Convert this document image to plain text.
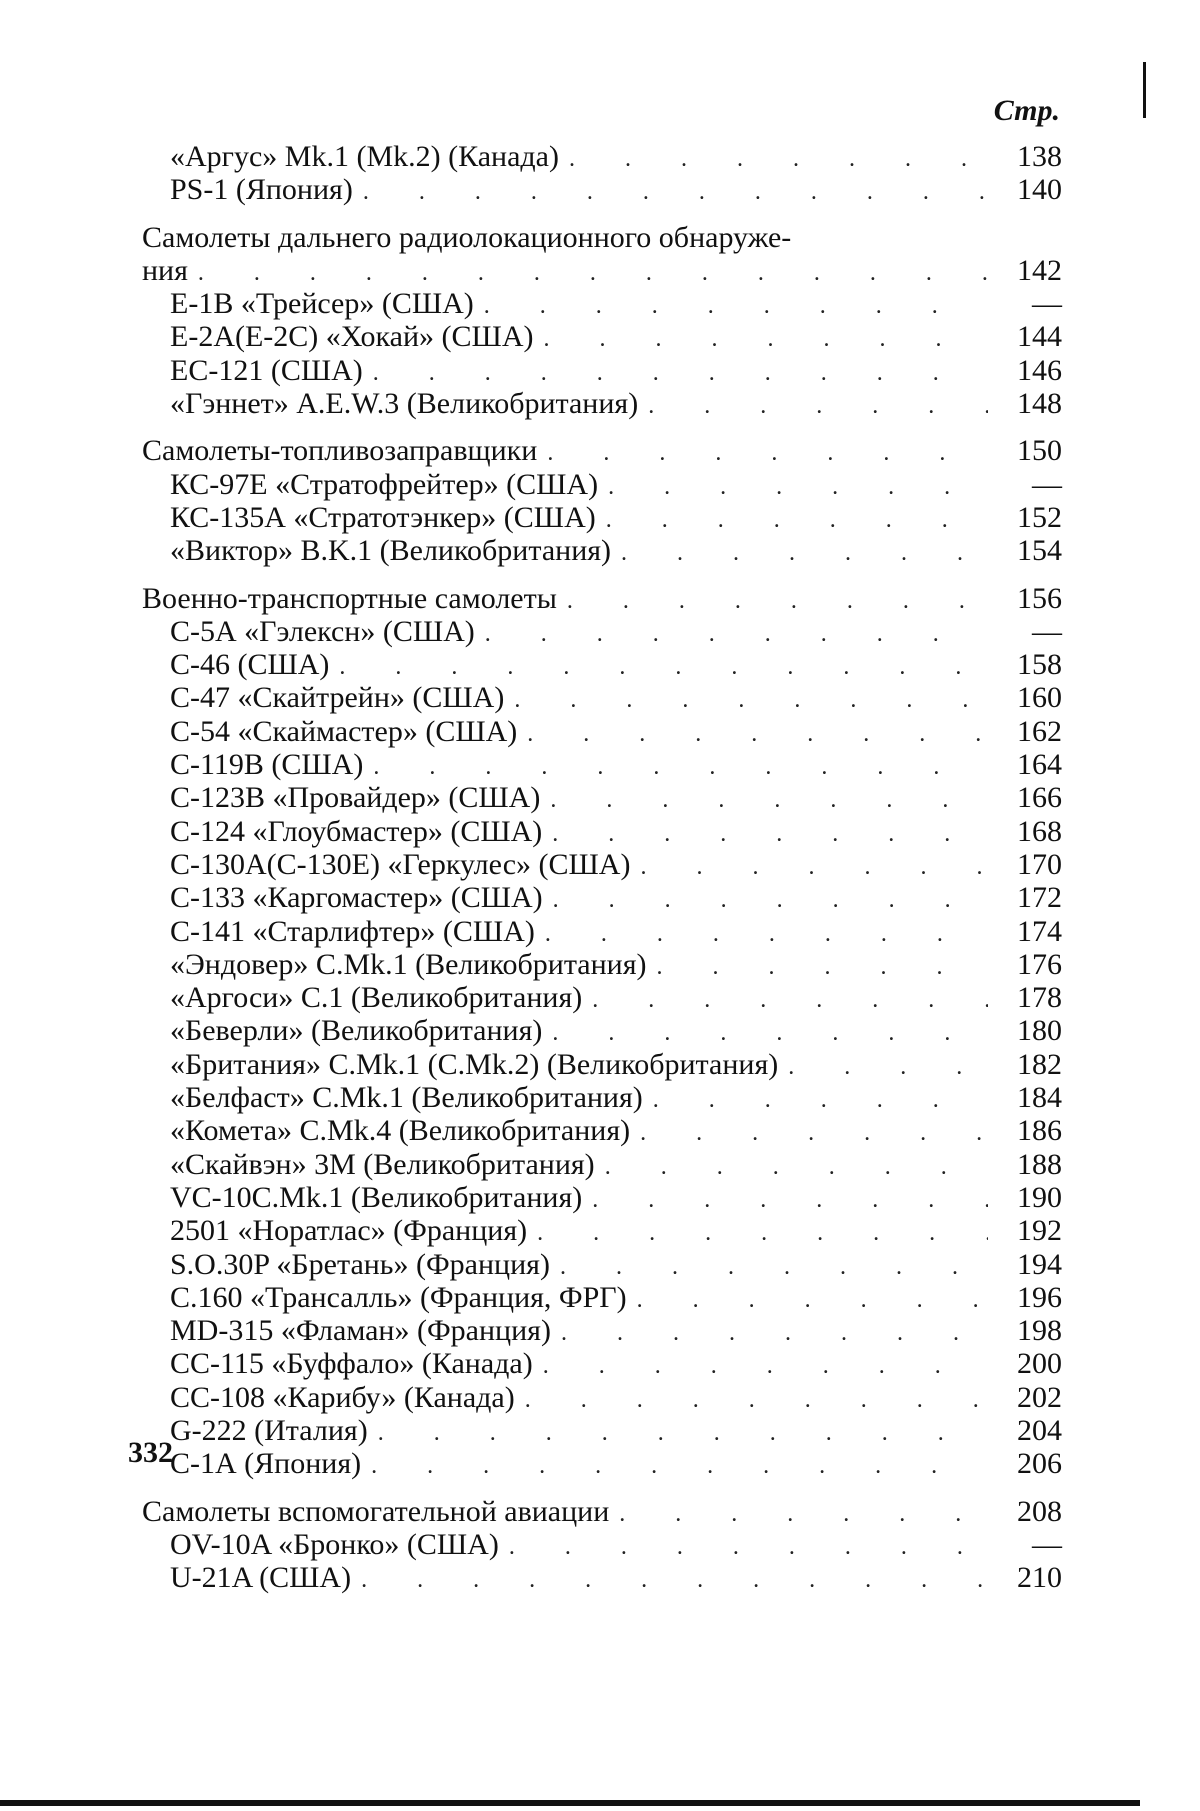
Стр.
«Аргус» Mk.1 (Mk.2) (Канада) . . .	138
PS-1 (Япония) . . .	140
Самолеты дальнего радиолокационного обнаруже-
ния . . .	142
Е-1В «Трейсер» (США) . . .	—
Е-2А(Е-2С) «Хокай» (США) . . .	144
ЕС-121 (США) . . .	146
«Гэннет» A.E.W.3 (Великобритания) . . .	148
Самолеты-топливозаправщики . . .	150
КС-97Е «Стратофрейтер» (США) . . .	—
КС-135А «Стратотэнкер» (США) . . .	152
«Виктор» B.K.1 (Великобритания) . . .	154
Военно-транспортные самолеты . . .	156
С-5А «Гэлексн» (США) . . .	—
С-46 (США) . . .	158
С-47 «Скайтрейн» (США) . . .	160
С-54 «Скаймастер» (США) . . .	162
С-119В (США) . . .	164
С-123В «Провайдер» (США) . . .	166
С-124 «Глоубмастер» (США) . . .	168
С-130А(С-130Е) «Геркулес» (США) . . .	170
С-133 «Каргомастер» (США) . . .	172
С-141 «Старлифтер» (США) . . .	174
«Эндовер» C.Mk.1 (Великобритания) . . .	176
«Аргоси» С.1 (Великобритания) . . .	178
«Беверли» (Великобритания) . . .	180
«Британия» C.Mk.1 (C.Mk.2) (Великобритания) . . .	182
«Белфаст» C.Mk.1 (Великобритания) . . .	184
«Комета» C.Mk.4 (Великобритания) . . .	186
«Скайвэн» 3М (Великобритания) . . .	188
VC-10C.Mk.1 (Великобритания) . . .	190
2501 «Норатлас» (Франция) . . .	192
S.O.30P «Бретань» (Франция) . . .	194
C.160 «Трансалль» (Франция, ФРГ) . . .	196
MD-315 «Фламан» (Франция) . . .	198
СС-115 «Буффало» (Канада) . . .	200
СС-108 «Карибу» (Канада) . . .	202
G-222 (Италия) . . .	204
С-1А (Япония) . . .	206
Самолеты вспомогательной авиации . . .	208
OV-10A «Бронко» (США) . . .	—
U-21A (США) . . .	210
332
